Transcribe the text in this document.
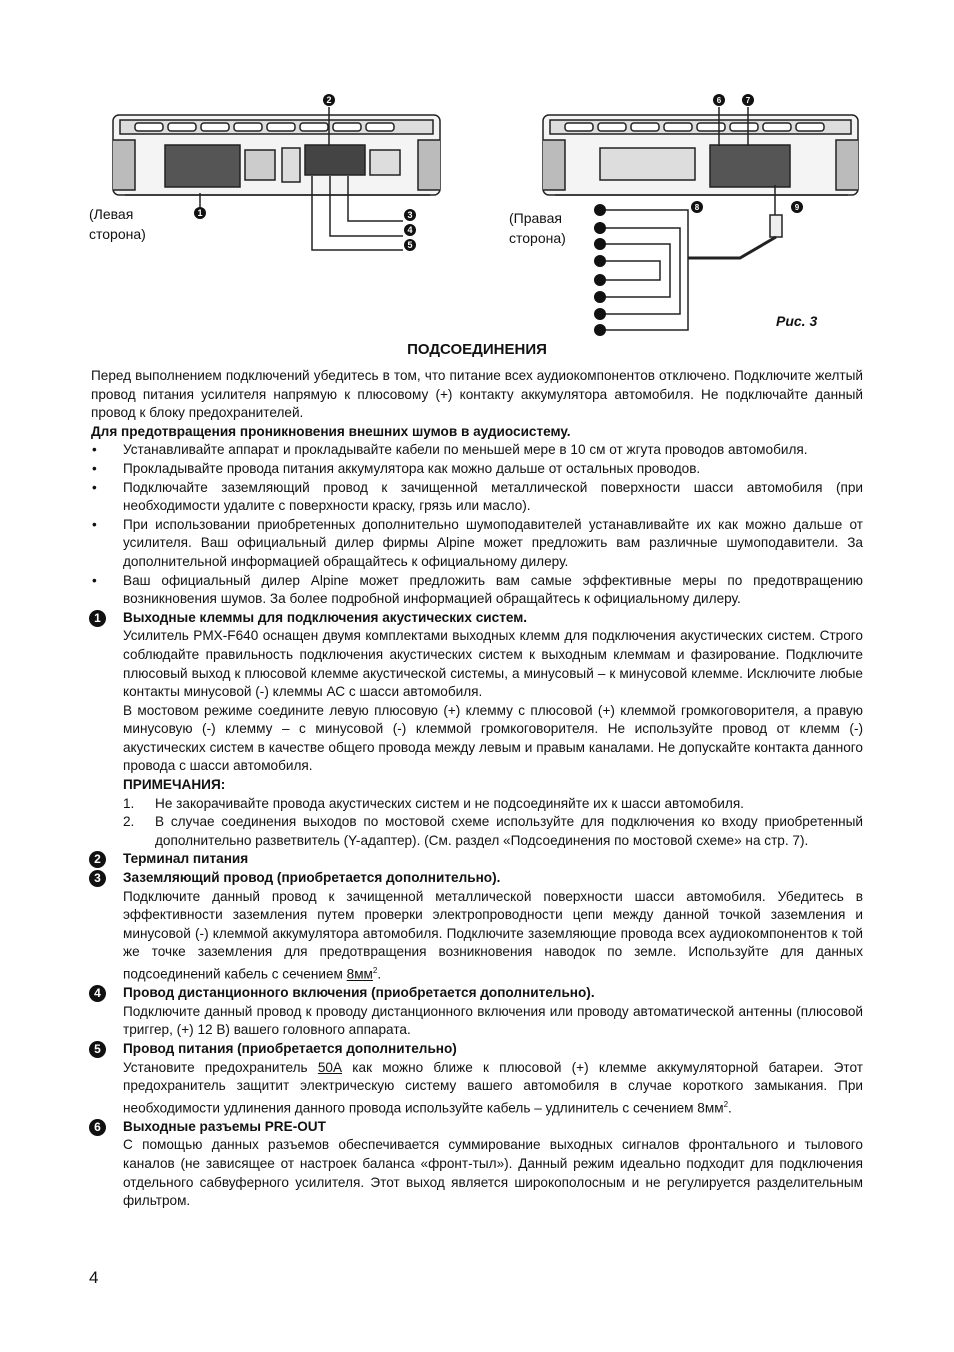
2
1	3
4
5
6	7
8	9
(Левая
сторона)
(Правая
сторона)
Рис. 3
ПОДСОЕДИНЕНИЯ

Перед выполнением подключений убедитесь в том, что питание всех аудиокомпонентов отключено. Подключите желтый провод питания усилителя напрямую к плюсовому (+) контакту аккумулятора автомобиля. Не подключайте данный провод к блоку предохранителей.

Для предотвращения проникновения внешних шумов в аудиосистему.

• Устанавливайте аппарат и прокладывайте кабели по меньшей мере в 10 см от жгута проводов автомобиля.
• Прокладывайте провода питания аккумулятора как можно дальше от остальных проводов.
• Подключайте заземляющий провод к зачищенной металлической поверхности шасси автомобиля (при необходимости удалите с поверхности краску, грязь или масло).
• При использовании приобретенных дополнительно шумоподавителей устанавливайте их как можно дальше от усилителя. Ваш официальный дилер фирмы Alpine может предложить вам различные шумоподавители. За дополнительной информацией обращайтесь к официальному дилеру.
• Ваш официальный дилер Alpine может предложить вам самые эффективные меры по предотвращению возникновения шумов. За более подробной информацией обращайтесь к официальному дилеру.
1	Выходные клеммы для подключения акустических систем.
Усилитель PMX-F640 оснащен двумя комплектами выходных клемм для подключения акустических систем. Строго соблюдайте правильность подключения акустических систем к выходным клеммам и фазирование. Подключите плюсовый выход к плюсовой клемме акустической системы, а минусовый – к минусовой клемме. Исключите любые контакты минусовой (-) клеммы АС с шасси автомобиля.
В мостовом режиме соедините левую плюсовую (+) клемму с плюсовой (+) клеммой громкоговорителя, а правую минусовую (-) клемму – с минусовой (-) клеммой громкоговорителя. Не используйте провод от клемм (-) акустических систем в качестве общего провода между левым и правым каналами. Не допускайте контакта данного провода с шасси автомобиля.
ПРИМЕЧАНИЯ:
1. Не закорачивайте провода акустических систем и не подсоединяйте их к шасси автомобиля.
2. В случае соединения выходов по мостовой схеме используйте для подключения ко входу приобретенный дополнительно разветвитель (Y-адаптер). (См. раздел «Подсоединения по мостовой схеме» на стр. 7).
2	Терминал питания
3	Заземляющий провод (приобретается дополнительно).
Подключите данный провод к зачищенной металлической поверхности шасси автомобиля. Убедитесь в эффективности заземления путем проверки электропроводности цепи между данной точкой заземления и минусовой (-) клеммой аккумулятора автомобиля. Подключите заземляющие провода всех аудиокомпонентов к той же точке заземления для предотвращения возникновения наводок по земле. Используйте для данных подсоединений кабель с сечением $8мм^2$.
4	Провод дистанционного включения (приобретается дополнительно).
Подключите данный провод к проводу дистанционного включения или проводу автоматической антенны (плюсовой триггер, (+) 12 В) вашего головного аппарата.
5	Провод питания (приобретается дополнительно)
Установите предохранитель 50А как можно ближе к плюсовой (+) клемме аккумуляторной батареи. Этот предохранитель защитит электрическую систему вашего автомобиля в случае короткого замыкания. При необходимости удлинения данного провода используйте кабель – удлинитель с сечением $8мм^2$.
6	Выходные разъемы PRE-OUT
С помощью данных разъемов обеспечивается суммирование выходных сигналов фронтального и тылового каналов (не зависящее от настроек баланса «фронт-тыл»). Данный режим идеально подходит для подключения отдельного сабвуферного усилителя. Этот выход является широкополосным и не регулируется разделительным фильтром.
4
